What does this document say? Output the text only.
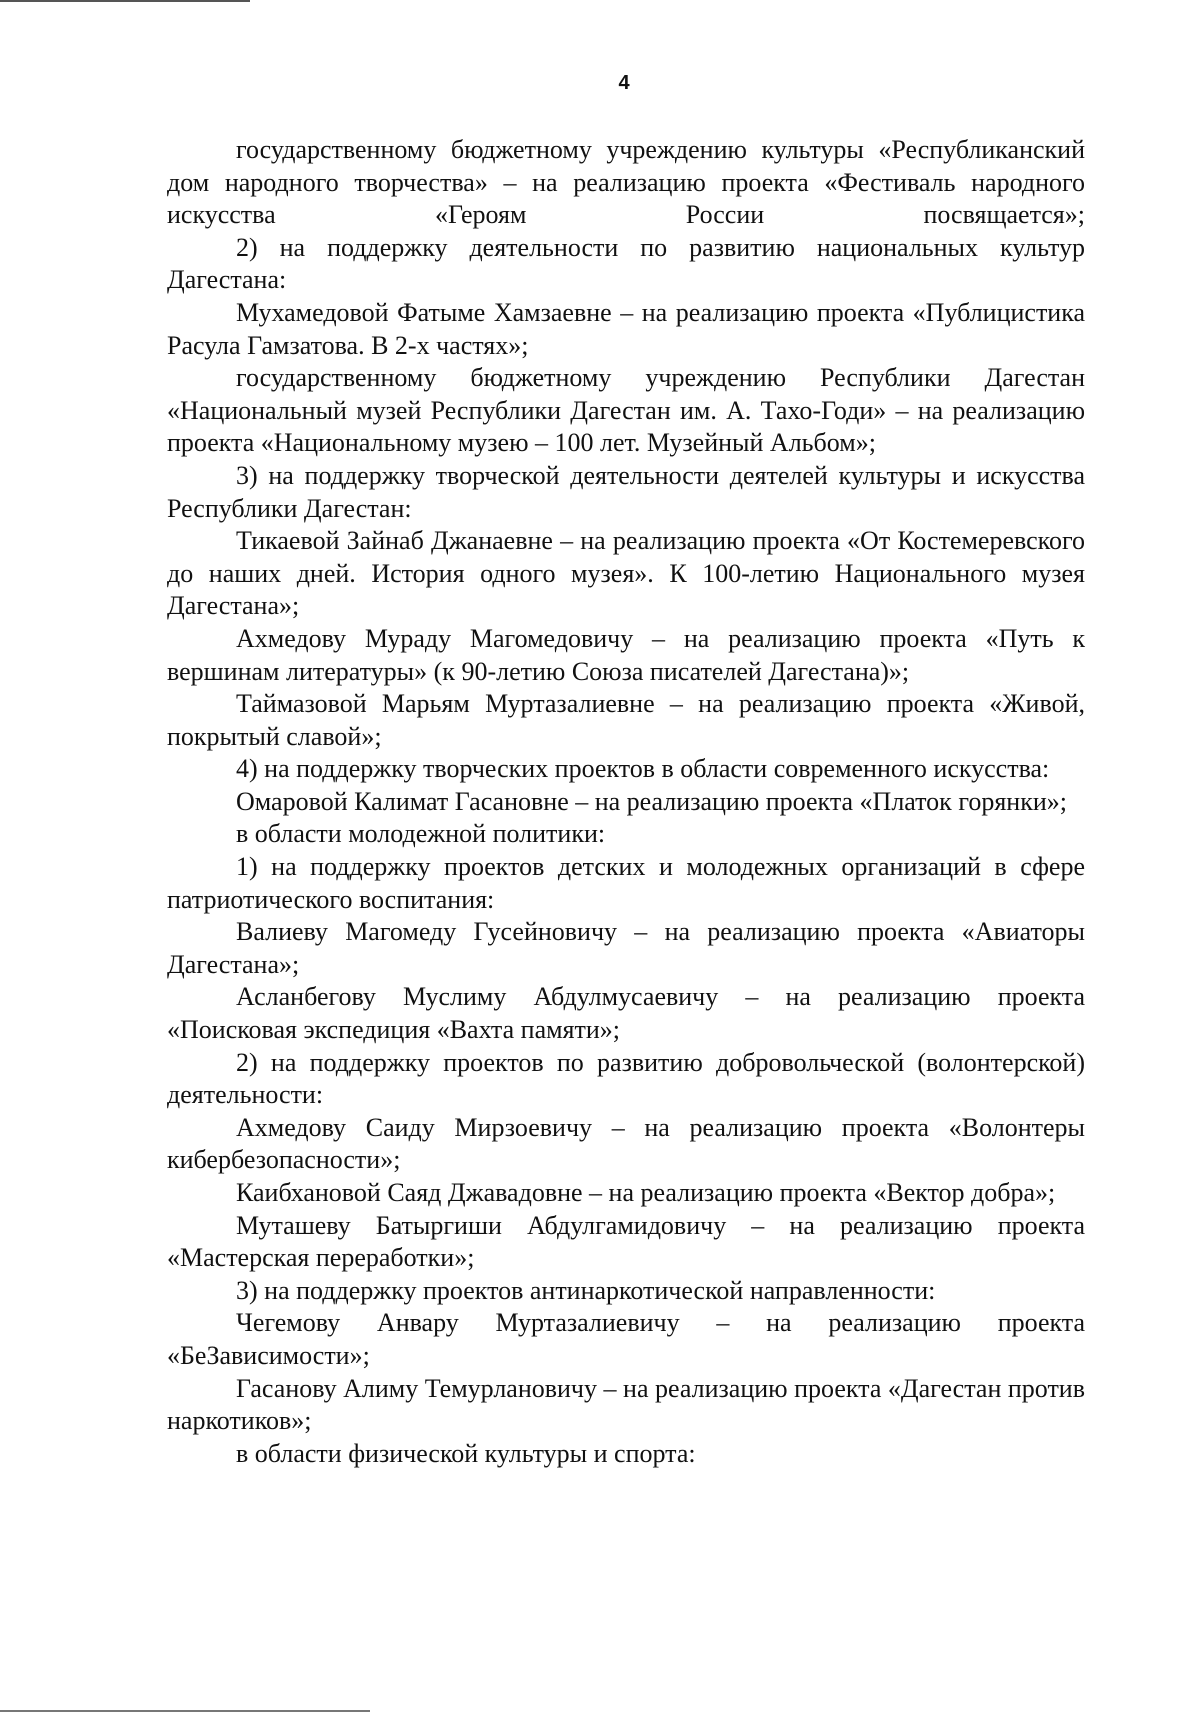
4

государственному бюджетному учреждению культуры «Республиканский дом народного творчества» – на реализацию проекта «Фестиваль народного искусства «Героям России посвящается»;

2) на поддержку деятельности по развитию национальных культур Дагестана:

Мухамедовой Фатыме Хамзаевне – на реализацию проекта «Публицистика Расула Гамзатова. В 2-х частях»;

государственному бюджетному учреждению Республики Дагестан «Национальный музей Республики Дагестан им. А. Тахо-Годи» – на реализацию проекта «Национальному музею – 100 лет. Музейный Альбом»;

3) на поддержку творческой деятельности деятелей культуры и искусства Республики Дагестан:

Тикаевой Зайнаб Джанаевне – на реализацию проекта «От Костемеревского до наших дней. История одного музея». К 100-летию Национального музея Дагестана»;

Ахмедову Мураду Магомедовичу – на реализацию проекта «Путь к вершинам литературы» (к 90-летию Союза писателей Дагестана)»;

Таймазовой Марьям Муртазалиевне – на реализацию проекта «Живой, покрытый славой»;

4) на поддержку творческих проектов в области современного искусства:

Омаровой Калимат Гасановне – на реализацию проекта «Платок горянки»;

в области молодежной политики:

1) на поддержку проектов детских и молодежных организаций в сфере патриотического воспитания:

Валиеву Магомеду Гусейновичу – на реализацию проекта «Авиаторы Дагестана»;

Асланбегову Муслиму Абдулмусаевичу – на реализацию проекта «Поисковая экспедиция «Вахта памяти»;

2) на поддержку проектов по развитию добровольческой (волонтерской) деятельности:

Ахмедову Саиду Мирзоевичу – на реализацию проекта «Волонтеры кибербезопасности»;

Каибхановой Саяд Джавадовне – на реализацию проекта «Вектор добра»;

Муташеву Батыргиши Абдулгамидовичу – на реализацию проекта «Мастерская переработки»;

3) на поддержку проектов антинаркотической направленности:

Чегемову Анвару Муртазалиевичу – на реализацию проекта «БеЗависимости»;

Гасанову Алиму Темурлановичу – на реализацию проекта «Дагестан против наркотиков»;

в области физической культуры и спорта:
